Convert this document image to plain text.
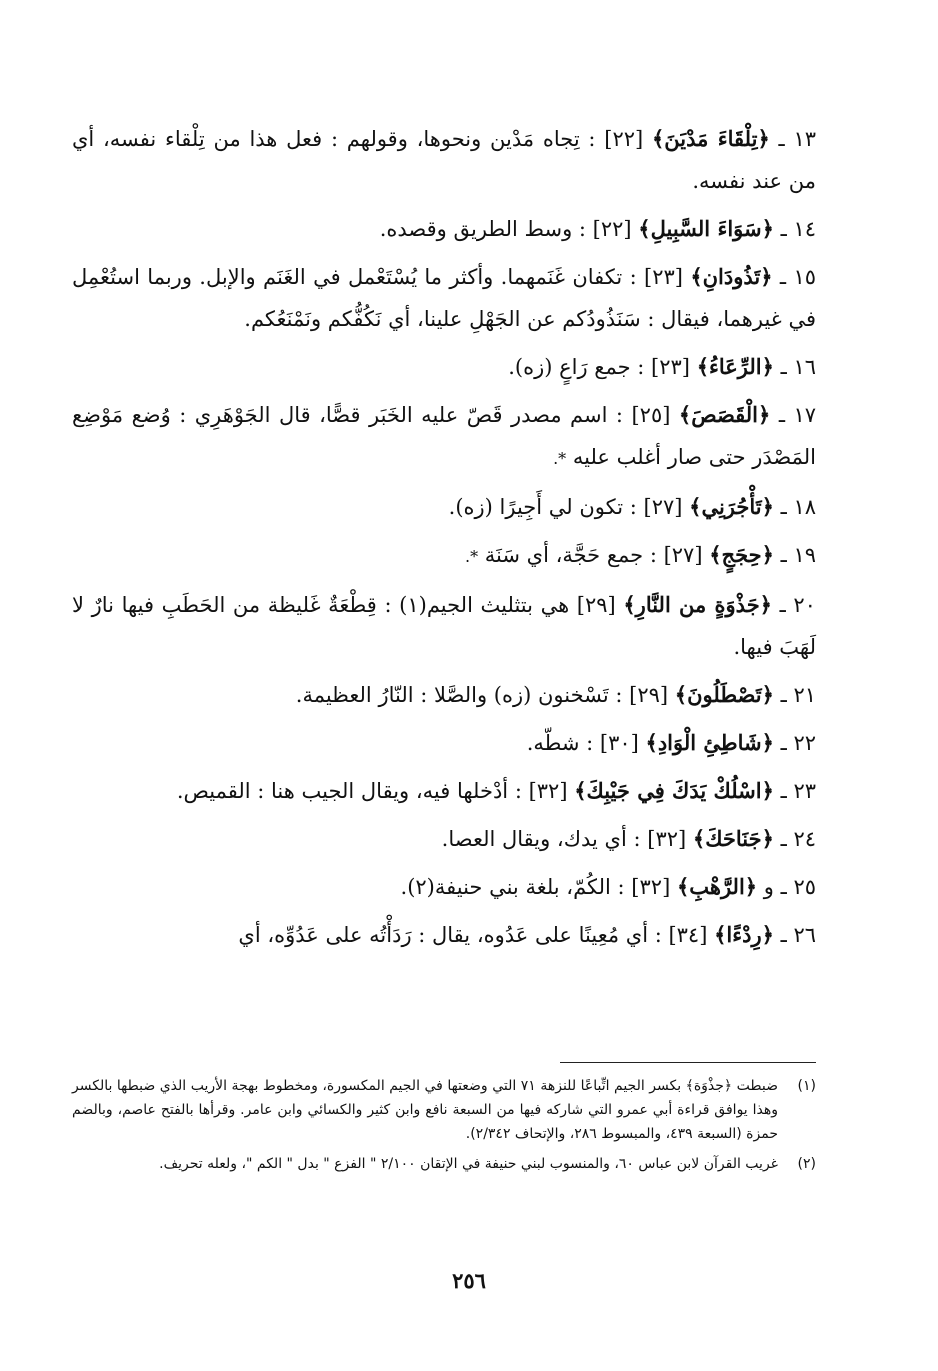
١٣ ـ ﴿تِلْقَاءَ مَدْيَنَ﴾ [٢٢] : تِجاه مَدْين ونحوها، وقولهم : فعل هذا من تِلْقاء نفسه، أي من عند نفسه.

١٤ ـ ﴿سَوَاءَ السَّبِيلِ﴾ [٢٢] : وسط الطريق وقصده.

١٥ ـ ﴿تَذُودَانِ﴾ [٢٣] : تكفان غَنَمهما. وأكثر ما يُسْتَعْمل في الغَنَم والإبل. وربما استُعْمِل في غيرهما، فيقال : سَنَذُودُكم عن الجَهْلِ علينا، أي نَكُفُّكم ونَمْنَعُكم.

١٦ ـ ﴿الرِّعَاءُ﴾ [٢٣] : جمع رَاعٍ (زه).

١٧ ـ ﴿الْقَصَصَ﴾ [٢٥] : اسم مصدر قَصّ عليه الخَبَر قصًّا، قال الجَوْهَرِي : وُضع مَوْضِع المَصْدَر حتى صار أغلب عليه *.

١٨ ـ ﴿تَأْجُرَنِي﴾ [٢٧] : تكون لي أَجِيرًا (زه).

١٩ ـ ﴿حِجَجٍ﴾ [٢٧] : جمع حَجَّة، أي سَنَة *.

٢٠ ـ ﴿جَذْوَةٍ من النَّارِ﴾ [٢٩] هي بتثليث الجيم(١) : قِطْعَةٌ غَليظة من الحَطَبِ فيها نارٌ لا لَهَبَ فيها.

٢١ ـ ﴿تَصْطَلُونَ﴾ [٢٩] : تَسْخنون (زه) والصَّلا : النّارُ العظيمة.

٢٢ ـ ﴿شَاطِئِ الْوَادِ﴾ [٣٠] : شطّه.

٢٣ ـ ﴿اسْلُكْ يَدَكَ فِي جَيْبِكَ﴾ [٣٢] : أدْخلها فيه، ويقال الجيب هنا : القميص.

٢٤ ـ ﴿جَنَاحَكَ﴾ [٣٢] : أي يدك، ويقال العصا.

٢٥ ـ و ﴿الرَّهْبِ﴾ [٣٢] : الكُمّ، بلغة بني حنيفة(٢).

٢٦ ـ ﴿رِدْءًا﴾ [٣٤] : أي مُعِينًا على عَدُوه، يقال : رَدَأْتُه على عَدُوِّه، أي

(١)
ضبطت ﴿جذْوَة﴾ بكسر الجيم اتِّباعًا للنزهة ٧١ التي وضعتها في الجيم المكسورة، ومخطوط بهجة الأريب الذي ضبطها بالكسر وهذا يوافق قراءة أبي عمرو التي شاركه فيها من السبعة نافع وابن كثير والكسائي وابن عامر. وقرأها بالفتح عاصم، وبالضم حمزة (السبعة ٤٣٩، والمبسوط ٢٨٦، والإتحاف ٢/٣٤٢).
(٢)
غريب القرآن لابن عباس ٦٠، والمنسوب لبني حنيفة في الإتقان ٢/١٠٠ " الفزع " بدل " الكم "، ولعله تحريف.
٢٥٦
